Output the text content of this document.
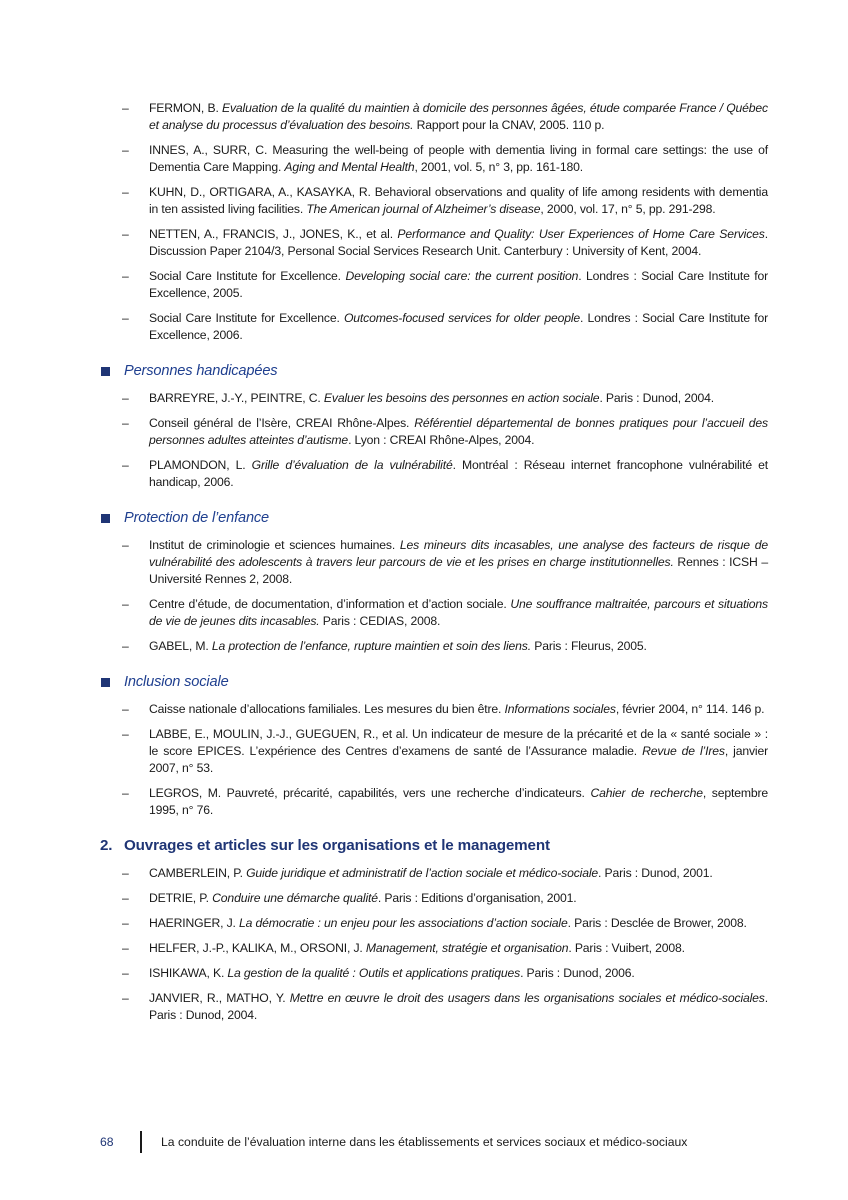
– FERMON, B. Evaluation de la qualité du maintien à domicile des personnes âgées, étude comparée France / Québec et analyse du processus d’évaluation des besoins. Rapport pour la CNAV, 2005. 110 p.
– INNES, A., SURR, C. Measuring the well-being of people with dementia living in formal care settings: the use of Dementia Care Mapping. Aging and Mental Health, 2001, vol. 5, n° 3, pp. 161-180.
– KUHN, D., ORTIGARA, A., KASAYKA, R. Behavioral observations and quality of life among residents with dementia in ten assisted living facilities. The American journal of Alzheimer’s disease, 2000, vol. 17, n° 5, pp. 291-298.
– NETTEN, A., FRANCIS, J., JONES, K., et al. Performance and Quality: User Experiences of Home Care Services. Discussion Paper 2104/3, Personal Social Services Research Unit. Canterbury : University of Kent, 2004.
– Social Care Institute for Excellence. Developing social care: the current position. Londres : Social Care Institute for Excellence, 2005.
– Social Care Institute for Excellence. Outcomes-focused services for older people. Londres : Social Care Institute for Excellence, 2006.
Personnes handicapées
– BARREYRE, J.-Y., PEINTRE, C. Evaluer les besoins des personnes en action sociale. Paris : Dunod, 2004.
– Conseil général de l’Isère, CREAI Rhône-Alpes. Référentiel départemental de bonnes pratiques pour l’accueil des personnes adultes atteintes d’autisme. Lyon : CREAI Rhône-Alpes, 2004.
– PLAMONDON, L. Grille d’évaluation de la vulnérabilité. Montréal : Réseau internet francophone vulnérabilité et handicap, 2006.
Protection de l’enfance
– Institut de criminologie et sciences humaines. Les mineurs dits incasables, une analyse des facteurs de risque de vulnérabilité des adolescents à travers leur parcours de vie et les prises en charge institutionnelles. Rennes : ICSH – Université Rennes 2, 2008.
– Centre d’étude, de documentation, d’information et d’action sociale. Une souffrance maltraitée, parcours et situations de vie de jeunes dits incasables. Paris : CEDIAS, 2008.
– GABEL, M. La protection de l’enfance, rupture maintien et soin des liens. Paris : Fleurus, 2005.
Inclusion sociale
– Caisse nationale d’allocations familiales. Les mesures du bien être. Informations sociales, février 2004, n° 114. 146 p.
– LABBE, E., MOULIN, J.-J., GUEGUEN, R., et al. Un indicateur de mesure de la précarité et de la « santé sociale » : le score EPICES. L’expérience des Centres d’examens de santé de l’Assurance maladie. Revue de l’Ires, janvier 2007, n° 53.
– LEGROS, M. Pauvreté, précarité, capabilités, vers une recherche d’indicateurs. Cahier de recherche, septembre 1995, n° 76.
2. Ouvrages et articles sur les organisations et le management
– CAMBERLEIN, P. Guide juridique et administratif de l’action sociale et médico-sociale. Paris : Dunod, 2001.
– DETRIE, P. Conduire une démarche qualité. Paris : Editions d’organisation, 2001.
– HAERINGER, J. La démocratie : un enjeu pour les associations d’action sociale. Paris : Desclée de Brower, 2008.
– HELFER, J.-P., KALIKA, M., ORSONI, J. Management, stratégie et organisation. Paris : Vuibert, 2008.
– ISHIKAWA, K. La gestion de la qualité : Outils et applications pratiques. Paris : Dunod, 2006.
– JANVIER, R., MATHO, Y. Mettre en œuvre le droit des usagers dans les organisations sociales et médico-sociales. Paris : Dunod, 2004.
68	La conduite de l’évaluation interne dans les établissements et services sociaux et médico-sociaux
